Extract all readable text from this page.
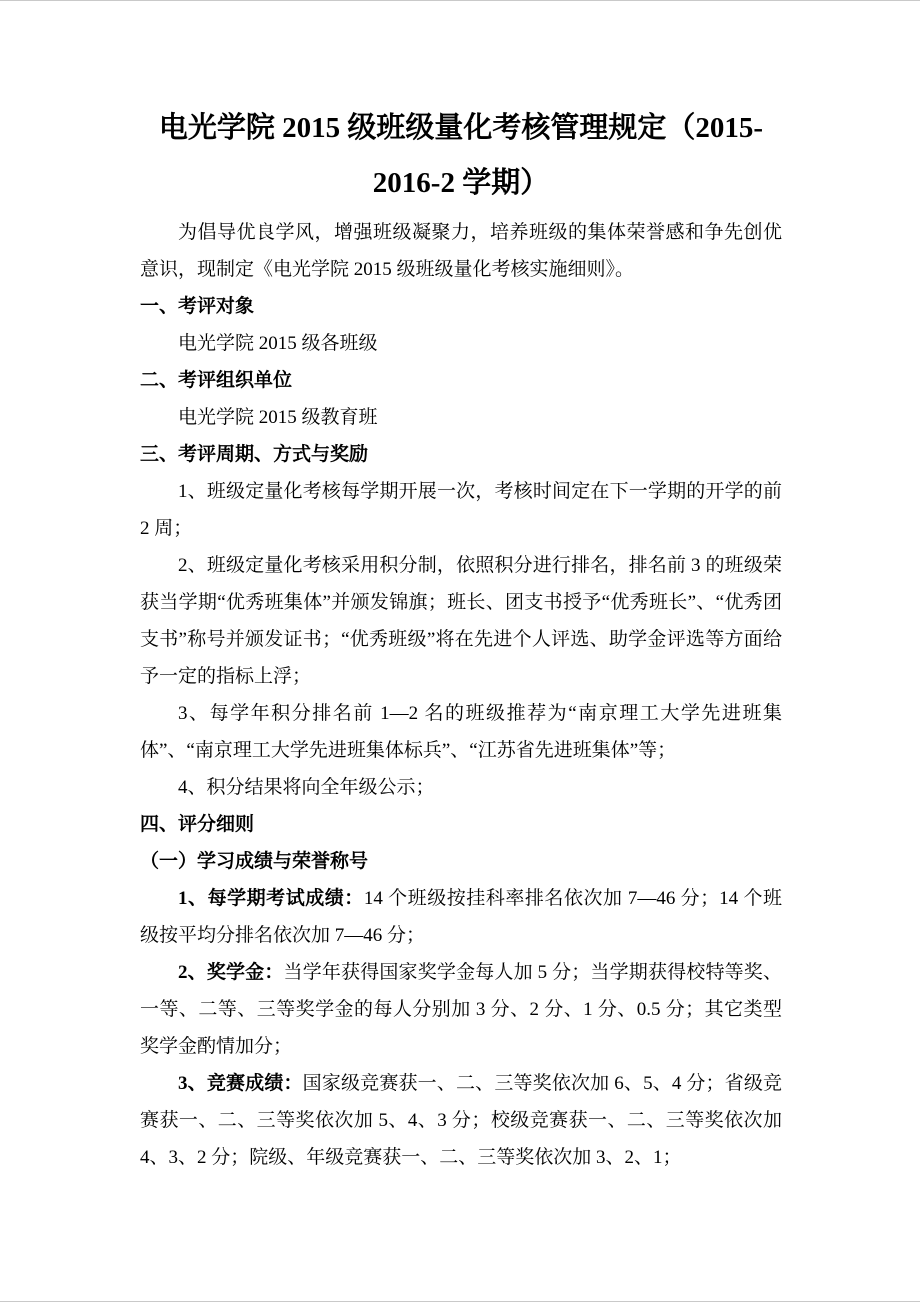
电光学院 2015 级班级量化考核管理规定（2015-2016-2 学期）

为倡导优良学风，增强班级凝聚力，培养班级的集体荣誉感和争先创优意识，现制定《电光学院 2015 级班级量化考核实施细则》。

一、考评对象

电光学院 2015 级各班级

二、考评组织单位

电光学院 2015 级教育班

三、考评周期、方式与奖励

1、班级定量化考核每学期开展一次，考核时间定在下一学期的开学的前 2 周；

2、班级定量化考核采用积分制，依照积分进行排名，排名前 3 的班级荣获当学期“优秀班集体”并颁发锦旗；班长、团支书授予“优秀班长”、“优秀团支书”称号并颁发证书；“优秀班级”将在先进个人评选、助学金评选等方面给予一定的指标上浮；

3、每学年积分排名前 1—2 名的班级推荐为“南京理工大学先进班集体”、“南京理工大学先进班集体标兵”、“江苏省先进班集体”等；

4、积分结果将向全年级公示；

四、评分细则

（一）学习成绩与荣誉称号

1、每学期考试成绩：14 个班级按挂科率排名依次加 7—46 分；14 个班级按平均分排名依次加 7—46 分；

2、奖学金：当学年获得国家奖学金每人加 5 分；当学期获得校特等奖、一等、二等、三等奖学金的每人分别加 3 分、2 分、1 分、0.5 分；其它类型奖学金酌情加分；

3、竞赛成绩：国家级竞赛获一、二、三等奖依次加 6、5、4 分；省级竞赛获一、二、三等奖依次加 5、4、3 分；校级竞赛获一、二、三等奖依次加 4、3、2 分；院级、年级竞赛获一、二、三等奖依次加 3、2、1；
